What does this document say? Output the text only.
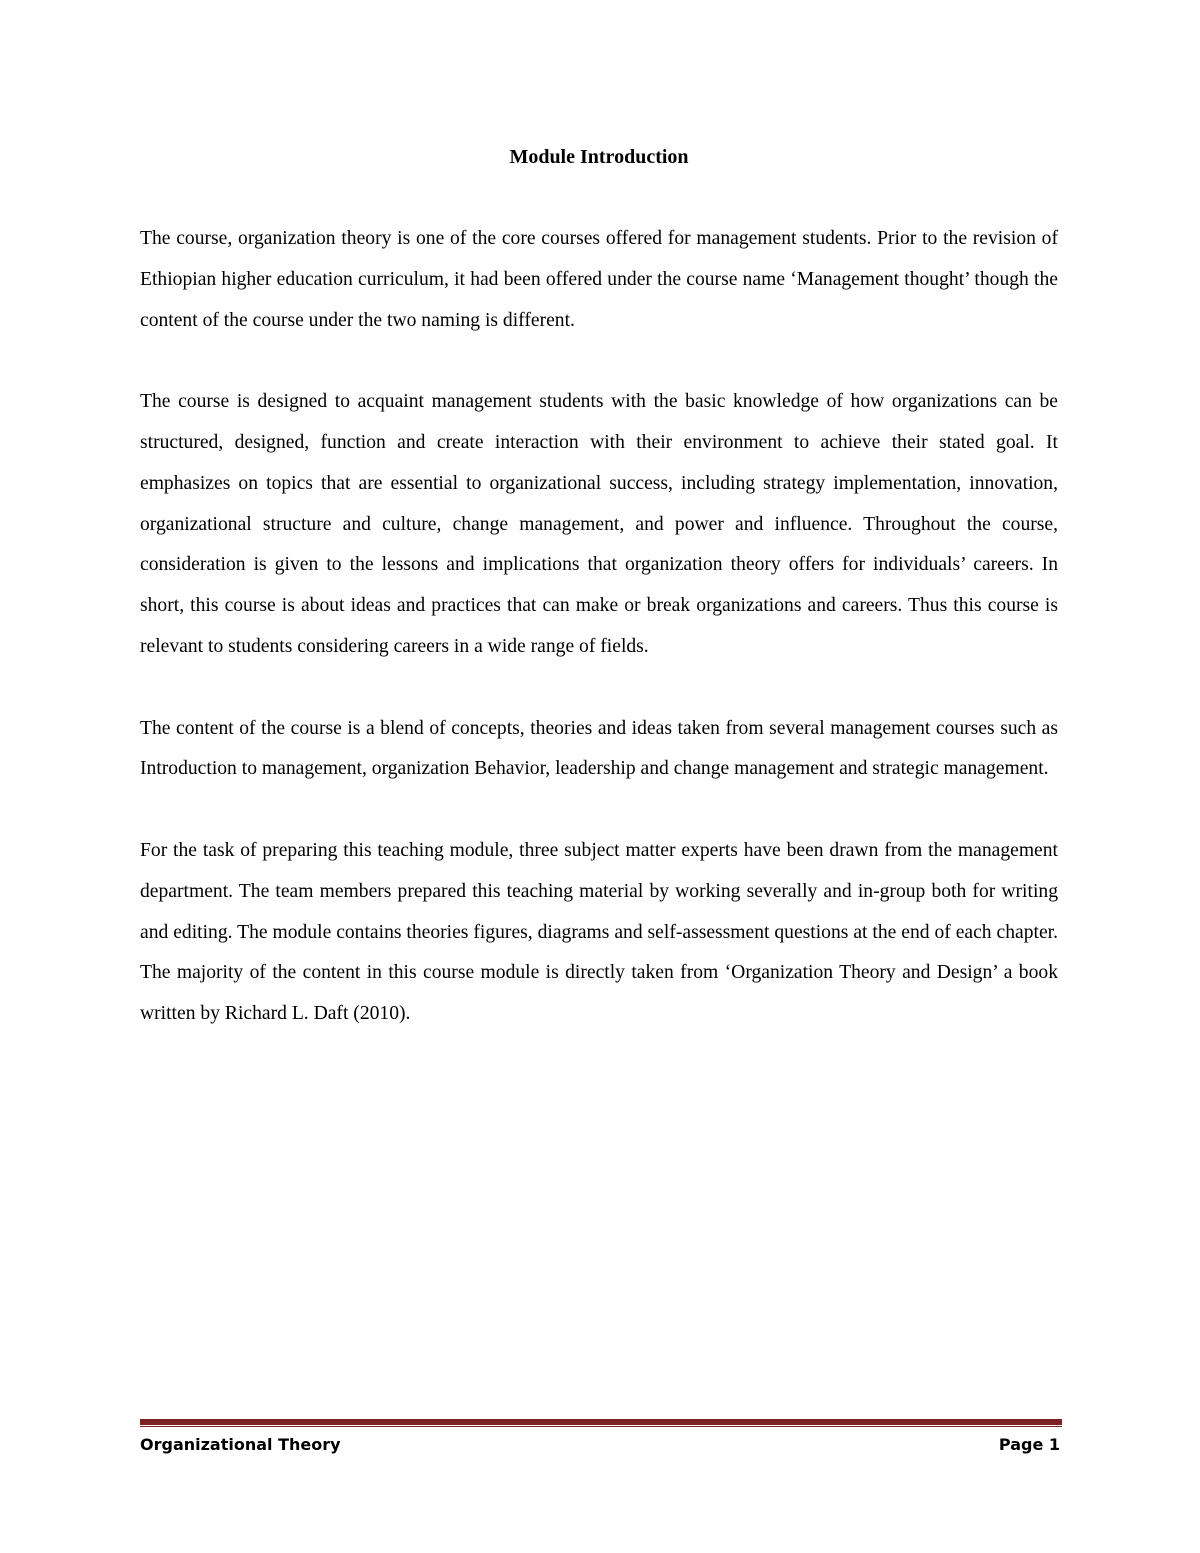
Module Introduction

The course, organization theory is one of the core courses offered for management students. Prior to the revision of Ethiopian higher education curriculum, it had been offered under the course name ‘Management thought’ though the content of the course under the two naming is different.

The course is designed to acquaint management students with the basic knowledge of how organizations can be structured, designed, function and create interaction with their environment to achieve their stated goal. It emphasizes on topics that are essential to organizational success, including strategy implementation, innovation, organizational structure and culture, change management, and power and influence. Throughout the course, consideration is given to the lessons and implications that organization theory offers for individuals’ careers. In short, this course is about ideas and practices that can make or break organizations and careers. Thus this course is relevant to students considering careers in a wide range of fields.

The content of the course is a blend of concepts, theories and ideas taken from several management courses such as Introduction to management, organization Behavior, leadership and change management and strategic management.

For the task of preparing this teaching module, three subject matter experts have been drawn from the management department. The team members prepared this teaching material by working severally and in-group both for writing and editing. The module contains theories figures, diagrams and self-assessment questions at the end of each chapter. The majority of the content in this course module is directly taken from ‘Organization Theory and Design’ a book written by Richard L. Daft (2010).

Organizational Theory	Page 1
